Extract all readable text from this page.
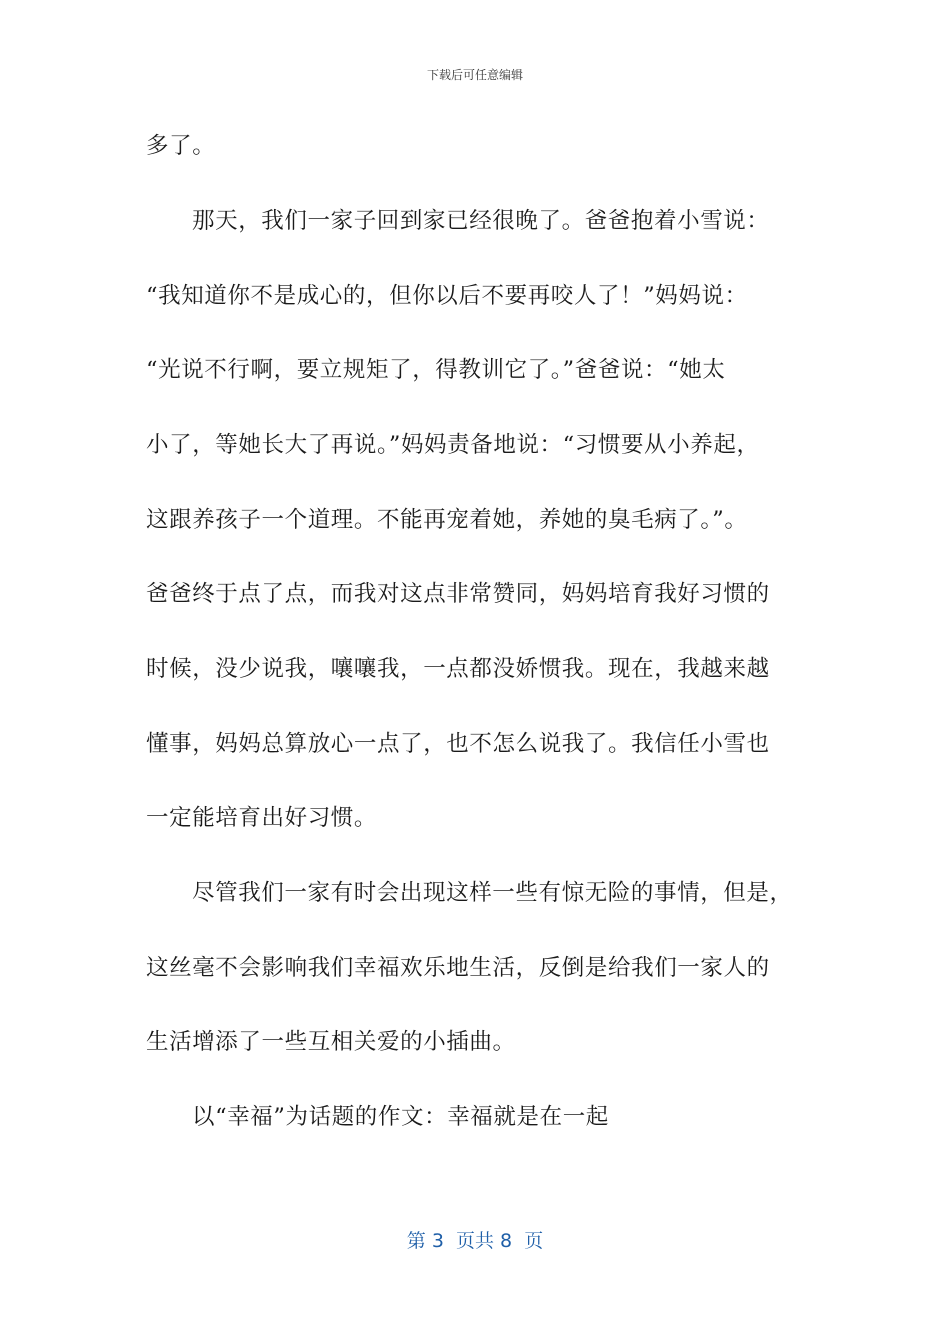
下载后可任意编辑
多了。
那天，我们一家子回到家已经很晚了。爸爸抱着小雪说：
“我知道你不是成心的，但你以后不要再咬人了！”妈妈说：
“光说不行啊，要立规矩了，得教训它了。”爸爸说：“她太
小了，等她长大了再说。”妈妈责备地说：“习惯要从小养起，
这跟养孩子一个道理。不能再宠着她，养她的臭毛病了。”。
爸爸终于点了点，而我对这点非常赞同，妈妈培育我好习惯的
时候，没少说我，嚷嚷我，一点都没娇惯我。现在，我越来越
懂事，妈妈总算放心一点了，也不怎么说我了。我信任小雪也
一定能培育出好习惯。
尽管我们一家有时会出现这样一些有惊无险的事情，但是，
这丝毫不会影响我们幸福欢乐地生活，反倒是给我们一家人的
生活增添了一些互相关爱的小插曲。
以“幸福”为话题的作文：幸福就是在一起
第 3  页共 8  页
